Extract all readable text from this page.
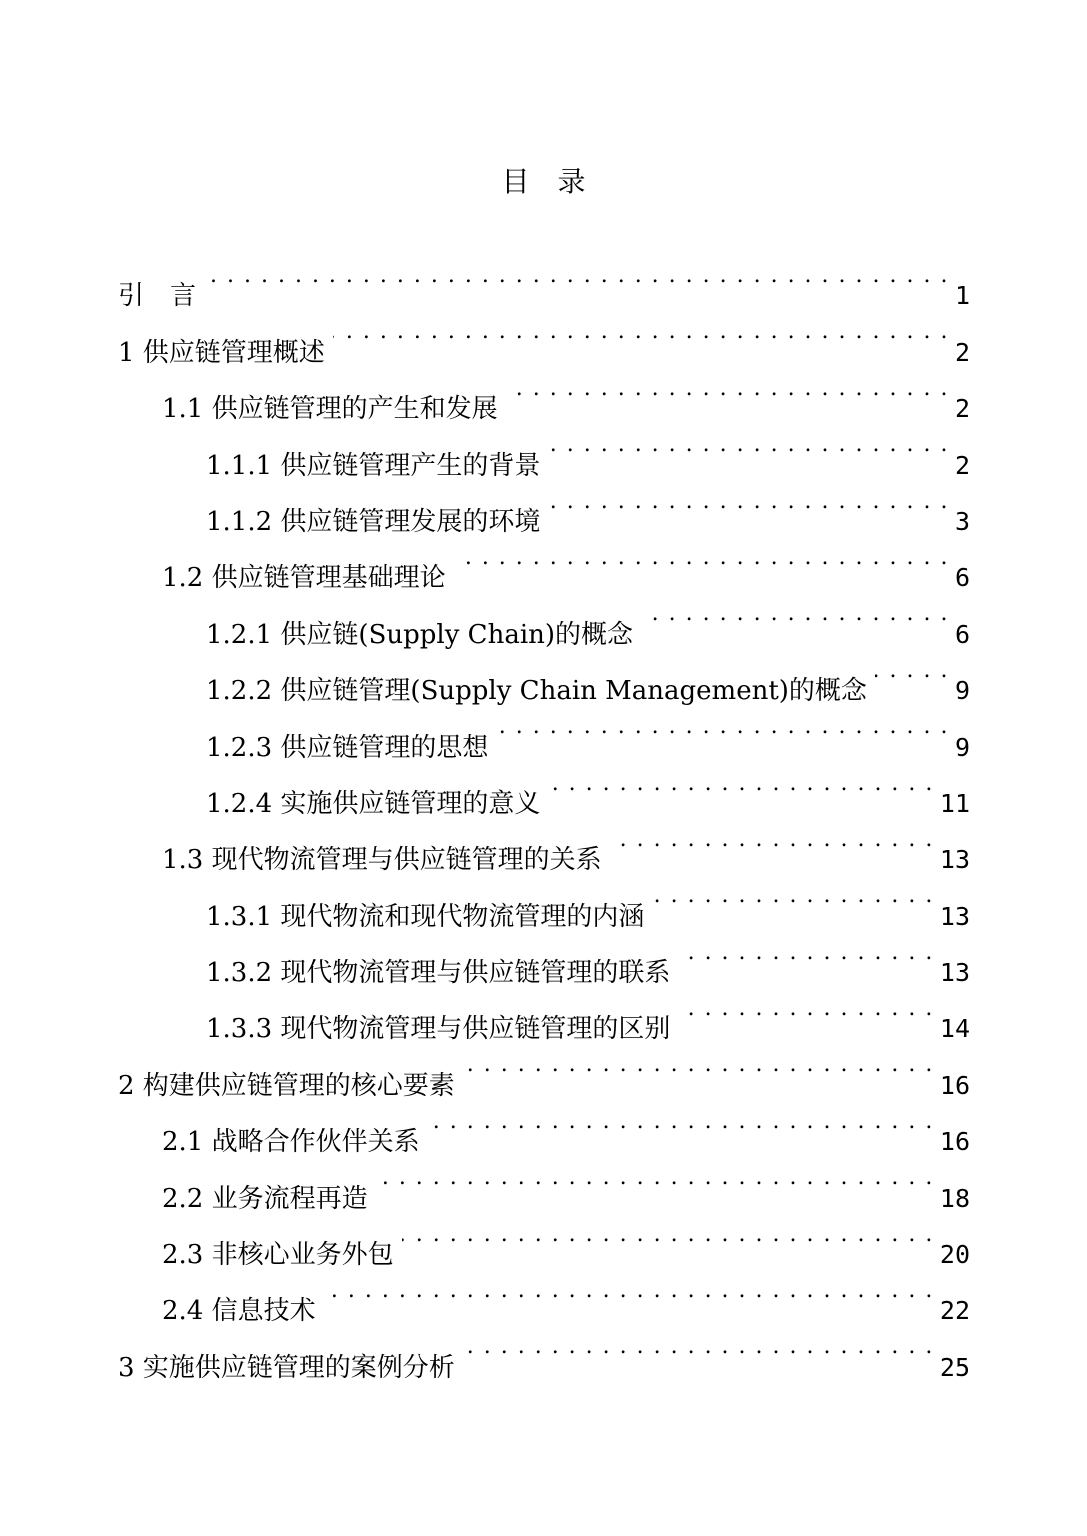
目　录
引　言 . . .	1
1 供应链管理概述 . . .	2
1.1 供应链管理的产生和发展 . . .	2
1.1.1 供应链管理产生的背景 . . .	2
1.1.2 供应链管理发展的环境 . . .	3
1.2 供应链管理基础理论 . . .	6
1.2.1 供应链(Supply Chain)的概念 . . .	6
1.2.2 供应链管理(Supply Chain Management)的概念 . . .	9
1.2.3 供应链管理的思想 . . .	9
1.2.4 实施供应链管理的意义 . . .	11
1.3 现代物流管理与供应链管理的关系 . . .	13
1.3.1 现代物流和现代物流管理的内涵 . . .	13
1.3.2 现代物流管理与供应链管理的联系 . . .	13
1.3.3 现代物流管理与供应链管理的区别 . . .	14
2 构建供应链管理的核心要素 . . .	16
2.1 战略合作伙伴关系 . . .	16
2.2 业务流程再造 . . .	18
2.3 非核心业务外包 . . .	20
2.4 信息技术 . . .	22
3 实施供应链管理的案例分析 . . .	25
